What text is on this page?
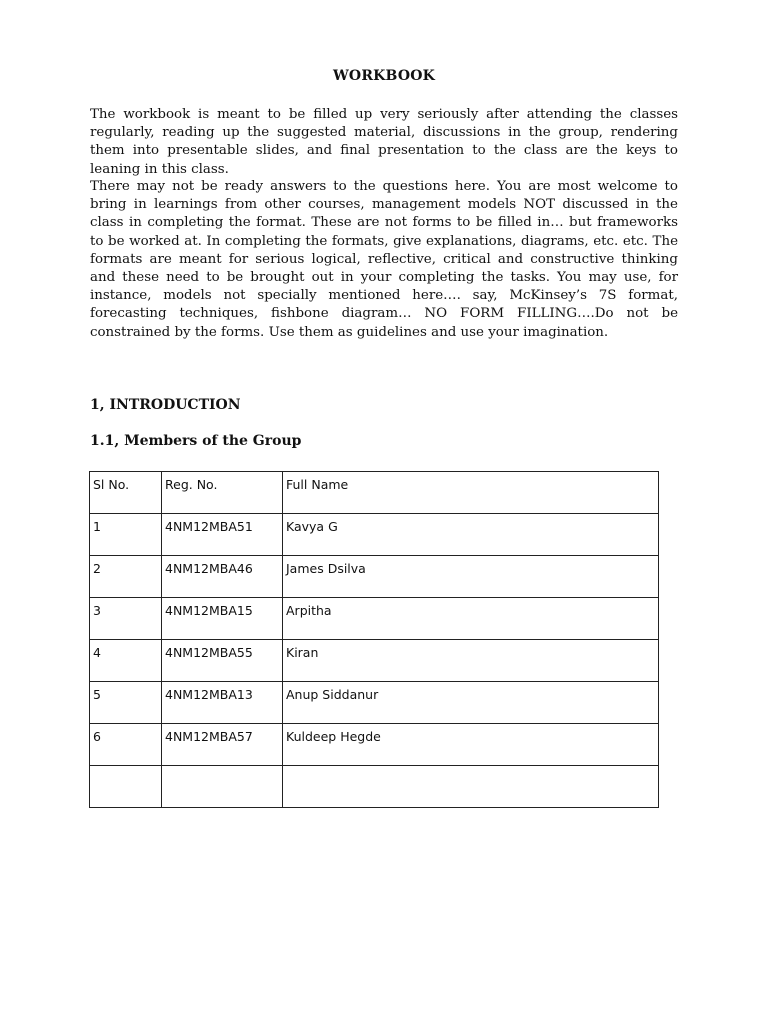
WORKBOOK

The workbook is meant to be filled up very seriously after attending the classes regularly, reading up the suggested material, discussions in the group, rendering them into presentable slides, and final presentation to the class are the keys to leaning in this class.

There may not be ready answers to the questions here. You are most welcome to bring in learnings from other courses, management models NOT discussed in the class in completing the format. These are not forms to be filled in… but frameworks to be worked at. In completing the formats, give explanations, diagrams, etc. etc. The formats are meant for serious logical, reflective, critical and constructive thinking and these need to be brought out in your completing the tasks. You may use, for instance, models not specially mentioned here…. say, McKinsey’s 7S format, forecasting techniques, fishbone diagram… NO FORM FILLING….Do not be constrained by the forms. Use them as guidelines and use your imagination.

1, INTRODUCTION
1.1, Members of the Group
Sl No.	Reg. No.	Full Name
1	4NM12MBA51	Kavya G
2	4NM12MBA46	James Dsilva
3	4NM12MBA15	Arpitha
4	4NM12MBA55	Kiran
5	4NM12MBA13	Anup Siddanur
6	4NM12MBA57	Kuldeep Hegde
